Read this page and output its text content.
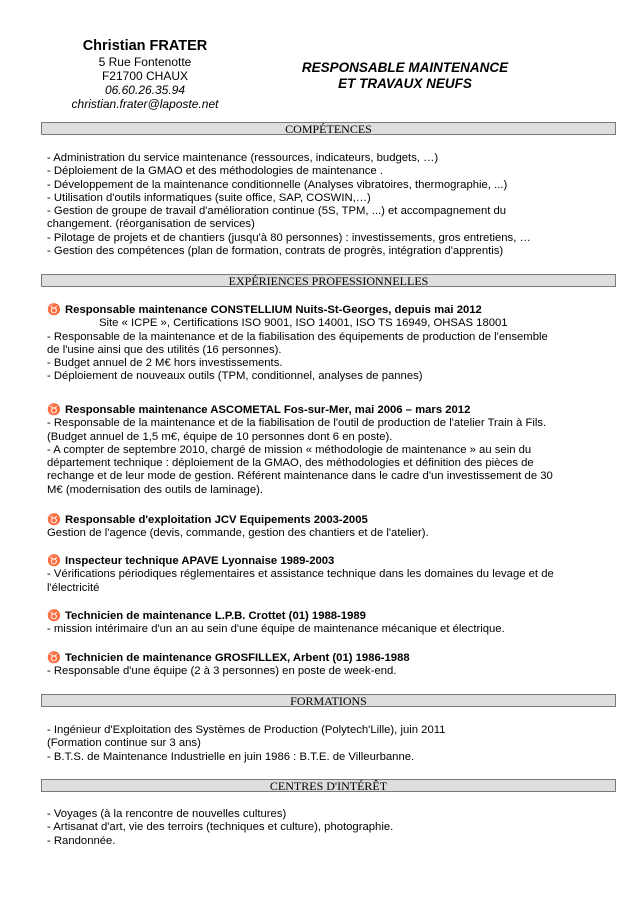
Christian FRATER
5 Rue Fontenotte
F21700 CHAUX
06.60.26.35.94
christian.frater@laposte.net
RESPONSABLE MAINTENANCE
ET TRAVAUX NEUFS
COMPÉTENCES
- Administration du service maintenance (ressources, indicateurs, budgets, …)
- Déploiement de la GMAO et des méthodologies de maintenance .
- Développement de la maintenance conditionnelle (Analyses vibratoires, thermographie, ...)
- Utilisation d'outils informatiques (suite office, SAP, COSWIN,…)
- Gestion de groupe de travail d'amélioration continue (5S, TPM, ...) et accompagnement du
changement. (réorganisation de services)
- Pilotage de projets et de chantiers (jusqu'à 80 personnes) : investissements, gros entretiens, …
- Gestion des compétences (plan de formation, contrats de progrès, intégration d'apprentis)
EXPÉRIENCES PROFESSIONNELLES
♉ Responsable maintenance CONSTELLIUM Nuits-St-Georges, depuis mai 2012
Site « ICPE », Certifications ISO 9001, ISO 14001, ISO TS 16949, OHSAS 18001
- Responsable de la maintenance et de la fiabilisation des équipements de production de l'ensemble
de l'usine ainsi que des utilités (16 personnes).
- Budget annuel de 2 M€ hors investissements.
- Déploiement de nouveaux outils (TPM, conditionnel, analyses de pannes)
♉ Responsable maintenance ASCOMETAL Fos-sur-Mer, mai 2006 – mars 2012
- Responsable de la maintenance et de la fiabilisation de l'outil de production de l'atelier Train à Fils.
(Budget annuel de 1,5 m€, équipe de 10 personnes dont 6 en poste).
- A compter de septembre 2010, chargé de mission « méthodologie de maintenance » au sein du
département technique : déploiement de la GMAO, des méthodologies et définition des pièces de
rechange et de leur mode de gestion. Référent maintenance dans le cadre d'un investissement de 30
M€ (modernisation des outils de laminage).
♉ Responsable d'exploitation JCV Equipements 2003-2005
Gestion de l'agence (devis, commande, gestion des chantiers et de l'atelier).
♉ Inspecteur technique APAVE Lyonnaise 1989-2003
- Vérifications périodiques réglementaires et assistance technique dans les domaines du levage et de
l'électricité
♉ Technicien de maintenance L.P.B. Crottet (01) 1988-1989
- mission intérimaire d'un an au sein d'une équipe de maintenance mécanique et électrique.
♉ Technicien de maintenance GROSFILLEX, Arbent (01) 1986-1988
- Responsable d'une équipe (2 à 3 personnes) en poste de week-end.
FORMATIONS
- Ingénieur d'Exploitation des Systèmes de Production (Polytech'Lille), juin 2011
(Formation continue sur 3 ans)
- B.T.S. de Maintenance Industrielle en juin 1986 : B.T.E. de Villeurbanne.
CENTRES D'INTÉRÊT
- Voyages (à la rencontre de nouvelles cultures)
- Artisanat d'art, vie des terroirs (techniques et culture), photographie.
- Randonnée.
